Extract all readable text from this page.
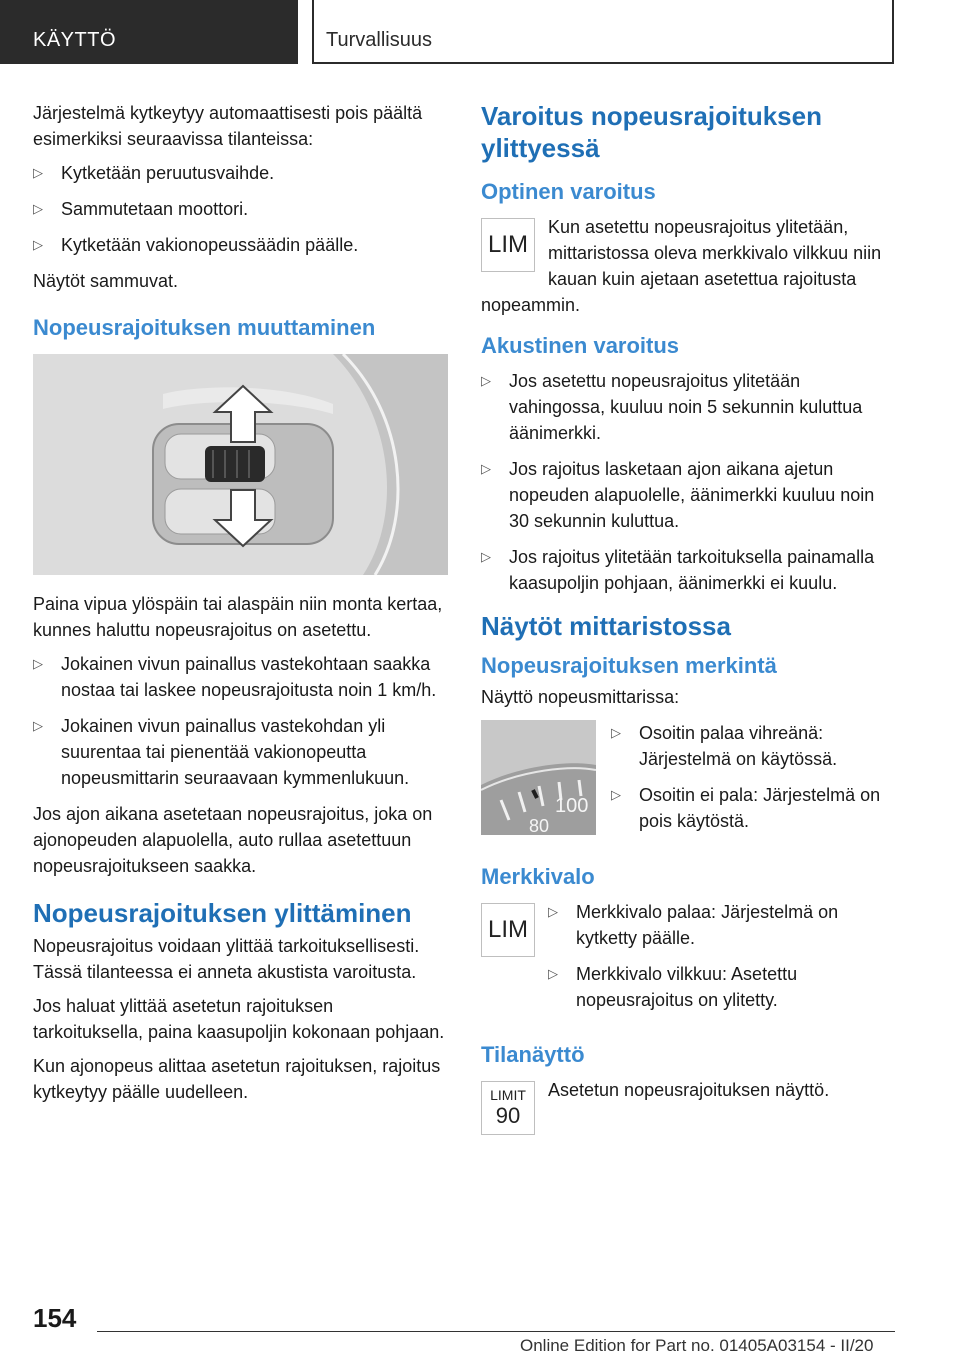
KÄYTTÖ	Turvallisuus

Järjestelmä kytkeytyy automaattisesti pois päältä esimerkiksi seuraavissa tilanteissa:

▷ Kytketään peruutusvaihde.
▷ Sammutetaan moottori.
▷ Kytketään vakionopeussäädin päälle.

Näytöt sammuvat.

Nopeusrajoituksen muuttaminen

Paina vipua ylöspäin tai alaspäin niin monta kertaa, kunnes haluttu nopeusrajoitus on asetettu.

▷ Jokainen vivun painallus vastekohtaan saakka nostaa tai laskee nopeusrajoitusta noin 1 km/h.
▷ Jokainen vivun painallus vastekohdan yli suurentaa tai pienentää vakionopeutta nopeusmittarin seuraavaan kymmenlukuun.

Jos ajon aikana asetetaan nopeusrajoitus, joka on ajonopeuden alapuolella, auto rullaa asetettuun nopeusrajoitukseen saakka.

Nopeusrajoituksen ylittäminen

Nopeusrajoitus voidaan ylittää tarkoituksellisesti. Tässä tilanteessa ei anneta akustista varoitusta.

Jos haluat ylittää asetetun rajoituksen tarkoituksella, paina kaasupoljin kokonaan pohjaan.

Kun ajonopeus alittaa asetetun rajoituksen, rajoitus kytkeytyy päälle uudelleen.

Varoitus nopeusrajoituksen ylittyessä
Optinen varoitus
LIM

Kun asetettu nopeusrajoitus ylitetään, mittaristossa oleva merkkivalo vilkkuu niin kauan kuin ajetaan asetettua rajoitusta nopeammin.

Akustinen varoitus
▷ Jos asetettu nopeusrajoitus ylitetään vahingossa, kuuluu noin 5 sekunnin kuluttua äänimerkki.
▷ Jos rajoitus lasketaan ajon aikana ajetun nopeuden alapuolelle, äänimerkki kuuluu noin 30 sekunnin kuluttua.
▷ Jos rajoitus ylitetään tarkoituksella painamalla kaasupoljin pohjaan, äänimerkki ei kuulu.
Näytöt mittaristossa
Nopeusrajoituksen merkintä

Näyttö nopeusmittarissa:

100
80
▷ Osoitin palaa vihreänä: Järjestelmä on käytössä.
▷ Osoitin ei pala: Järjestelmä on pois käytöstä.
Merkkivalo
LIM
▷ Merkkivalo palaa: Järjestelmä on kytketty päälle.
▷ Merkkivalo vilkkuu: Asetettu nopeusrajoitus on ylitetty.
Tilanäyttö
LIMIT
90

Asetetun nopeusrajoituksen näyttö.

154
Online Edition for Part no. 01405A03154 - II/20
